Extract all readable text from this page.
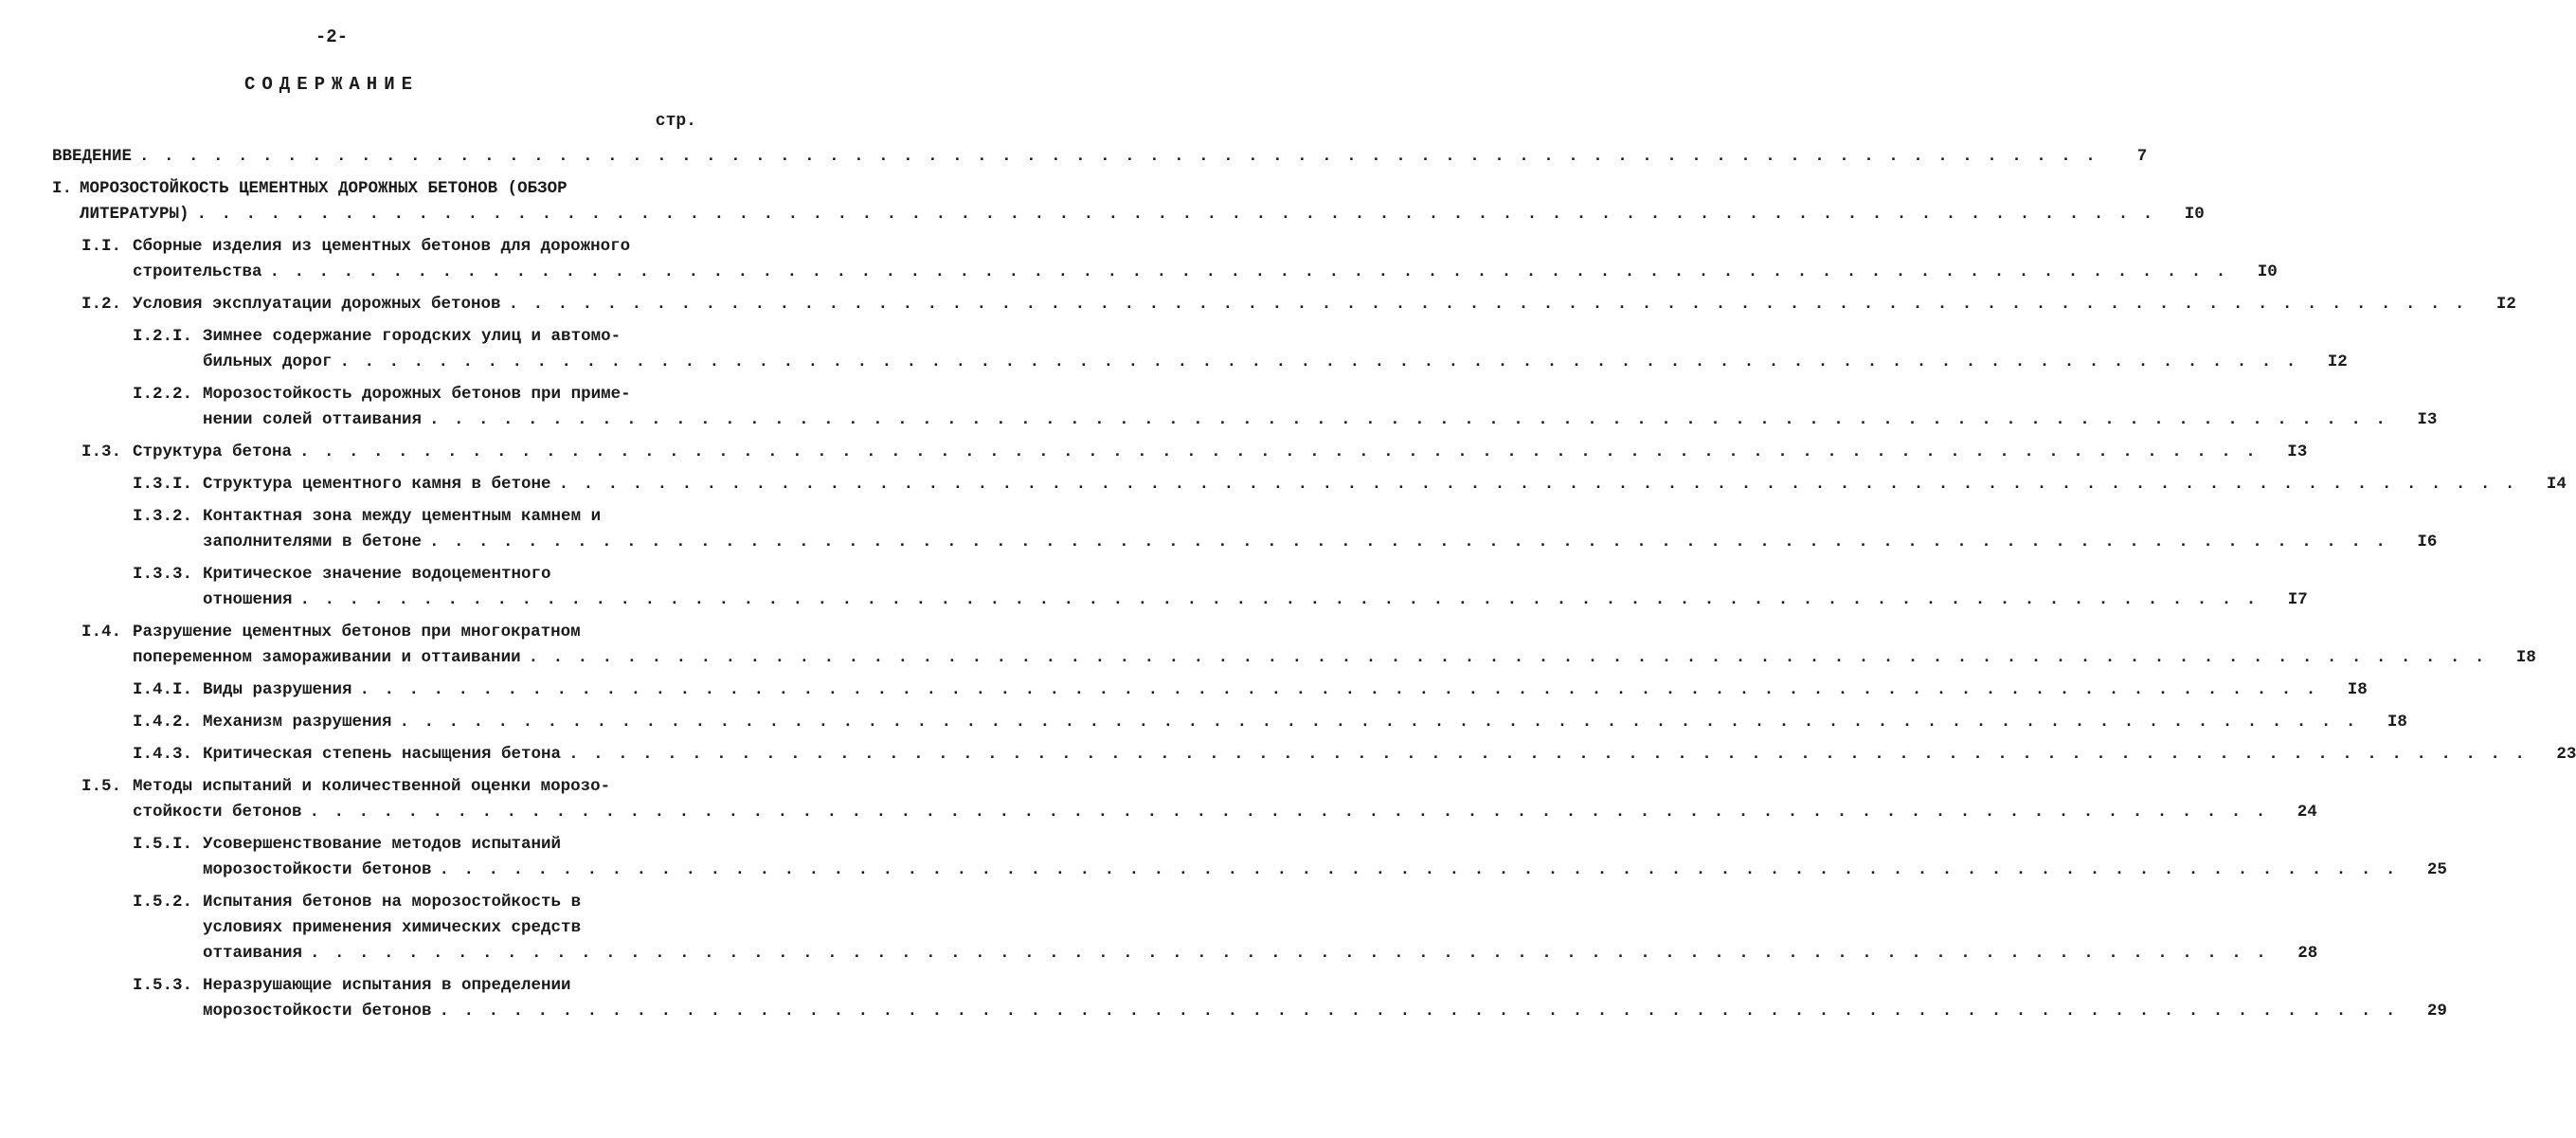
-2-
СОДЕРЖАНИЕ
стр.
ВВЕДЕНИЕ . . . . . . . . . . . . . . . . . . . . . . . . . . . . . . . . . . . . . . . . . . . . . . . . . . . . . . . . . . . . . . . . . . . . . . . . . . . . . . . .	7
I. МОРОЗОСТОЙКОСТЬ ЦЕМЕНТНЫХ ДОРОЖНЫХ БЕТОНОВ (ОБЗОР
ЛИТЕРАТУРЫ) . . . . . . . . . . . . . . . . . . . . . . . . . . . . . . . . . . . . . . . . . . . . . . . . . . . . . . . . . . . . . . . . . . . . . . . . . . . . . . . .	I0
I.I. Сборные изделия из цементных бетонов для дорожного
строительства . . . . . . . . . . . . . . . . . . . . . . . . . . . . . . . . . . . . . . . . . . . . . . . . . . . . . . . . . . . . . . . . . . . . . . . . . . . . . . . .	I0
I.2. Условия эксплуатации дорожных бетонов . . . . . . . . . . . . . . . . . . . . . . . . . . . . . . . . . . . . . . . . . . . . . . . . . . . . . . . . . . . . . . . . . . . . . . . . . . . . . . . .	I2
I.2.I. Зимнее содержание городских улиц и автомо-
бильных дорог . . . . . . . . . . . . . . . . . . . . . . . . . . . . . . . . . . . . . . . . . . . . . . . . . . . . . . . . . . . . . . . . . . . . . . . . . . . . . . . .	I2
I.2.2. Морозостойкость дорожных бетонов при приме-
нении солей оттаивания . . . . . . . . . . . . . . . . . . . . . . . . . . . . . . . . . . . . . . . . . . . . . . . . . . . . . . . . . . . . . . . . . . . . . . . . . . . . . . . .	I3
I.3. Структура бетона . . . . . . . . . . . . . . . . . . . . . . . . . . . . . . . . . . . . . . . . . . . . . . . . . . . . . . . . . . . . . . . . . . . . . . . . . . . . . . . .	I3
I.3.I. Структура цементного камня в бетоне . . . . . . . . . . . . . . . . . . . . . . . . . . . . . . . . . . . . . . . . . . . . . . . . . . . . . . . . . . . . . . . . . . . . . . . . . . . . . . . .	I4
I.3.2. Контактная зона между цементным камнем и
заполнителями в бетоне . . . . . . . . . . . . . . . . . . . . . . . . . . . . . . . . . . . . . . . . . . . . . . . . . . . . . . . . . . . . . . . . . . . . . . . . . . . . . . . .	I6
I.3.3. Критическое значение водоцементного
отношения . . . . . . . . . . . . . . . . . . . . . . . . . . . . . . . . . . . . . . . . . . . . . . . . . . . . . . . . . . . . . . . . . . . . . . . . . . . . . . . .	I7
I.4. Разрушение цементных бетонов при многократном
попеременном замораживании и оттаивании . . . . . . . . . . . . . . . . . . . . . . . . . . . . . . . . . . . . . . . . . . . . . . . . . . . . . . . . . . . . . . . . . . . . . . . . . . . . . . . .	I8
I.4.I. Виды разрушения . . . . . . . . . . . . . . . . . . . . . . . . . . . . . . . . . . . . . . . . . . . . . . . . . . . . . . . . . . . . . . . . . . . . . . . . . . . . . . . .	I8
I.4.2. Механизм разрушения . . . . . . . . . . . . . . . . . . . . . . . . . . . . . . . . . . . . . . . . . . . . . . . . . . . . . . . . . . . . . . . . . . . . . . . . . . . . . . . .	I8
I.4.3. Критическая степень насыщения бетона . . . . . . . . . . . . . . . . . . . . . . . . . . . . . . . . . . . . . . . . . . . . . . . . . . . . . . . . . . . . . . . . . . . . . . . . . . . . . . . .	23
I.5. Методы испытаний и количественной оценки морозо-
стойкости бетонов . . . . . . . . . . . . . . . . . . . . . . . . . . . . . . . . . . . . . . . . . . . . . . . . . . . . . . . . . . . . . . . . . . . . . . . . . . . . . . . .	24
I.5.I. Усовершенствование методов испытаний
морозостойкости бетонов . . . . . . . . . . . . . . . . . . . . . . . . . . . . . . . . . . . . . . . . . . . . . . . . . . . . . . . . . . . . . . . . . . . . . . . . . . . . . . . .	25
I.5.2. Испытания бетонов на морозостойкость в
условиях применения химических средств
оттаивания . . . . . . . . . . . . . . . . . . . . . . . . . . . . . . . . . . . . . . . . . . . . . . . . . . . . . . . . . . . . . . . . . . . . . . . . . . . . . . . .	28
I.5.3. Неразрушающие испытания в определении
морозостойкости бетонов . . . . . . . . . . . . . . . . . . . . . . . . . . . . . . . . . . . . . . . . . . . . . . . . . . . . . . . . . . . . . . . . . . . . . . . . . . . . . . . .	29
